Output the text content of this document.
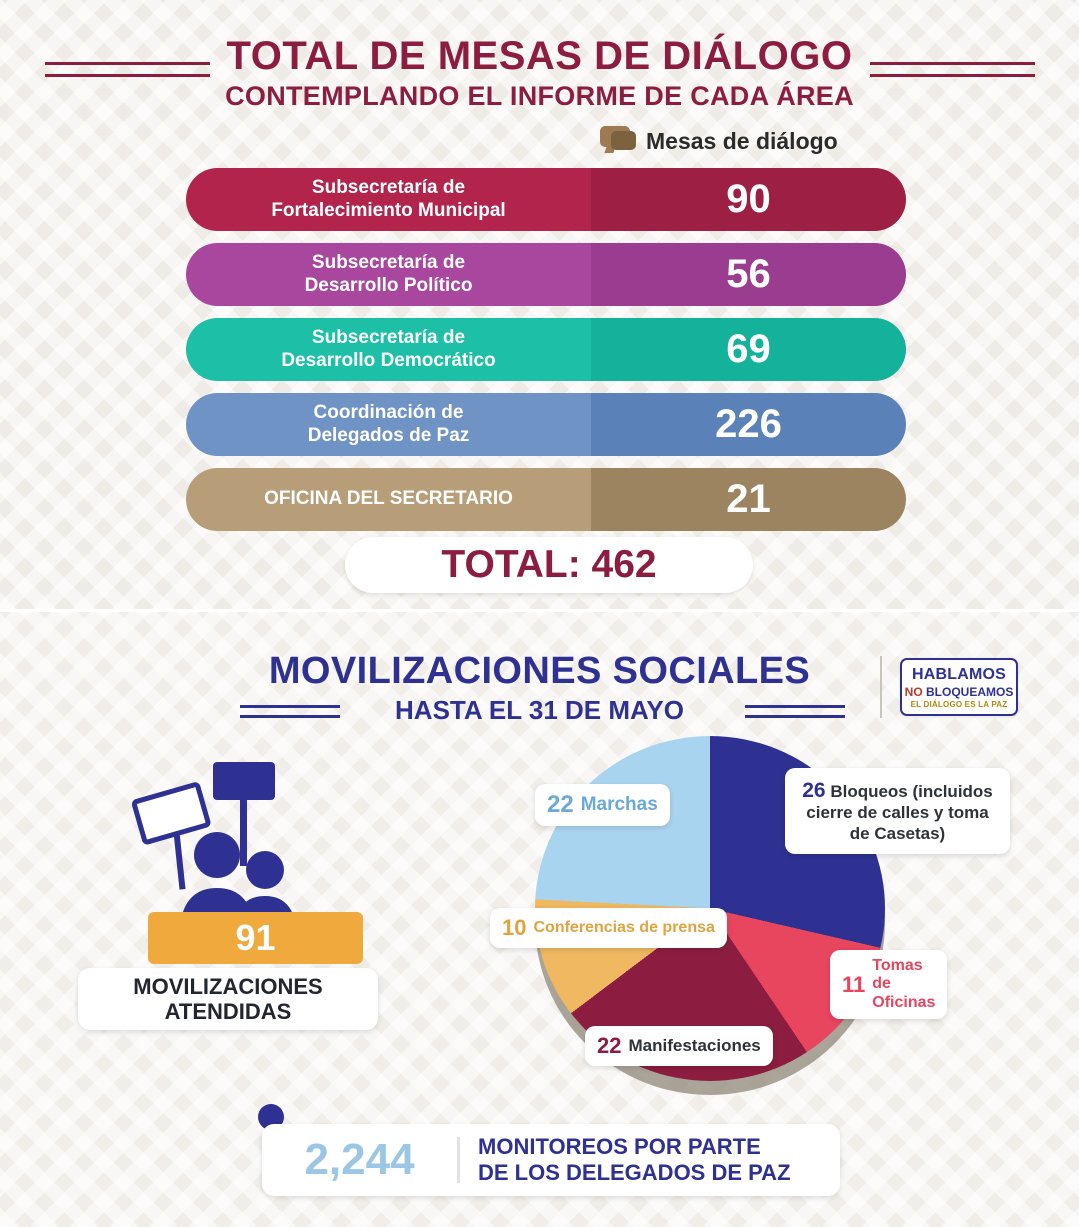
TOTAL DE MESAS DE DIÁLOGO
CONTEMPLANDO EL INFORME DE CADA ÁREA
Mesas de diálogo
Subsecretaría de
Fortalecimiento Municipal	90
Subsecretaría de
Desarrollo Político	56
Subsecretaría de
Desarrollo Democrático	69
Coordinación de
Delegados de Paz	226
OFICINA DEL SECRETARIO	21
TOTAL: 462
MOVILIZACIONES SOCIALES
HASTA EL 31 DE MAYO
HABLAMOS
NO BLOQUEAMOS
EL DIÁLOGO ES LA PAZ
91
MOVILIZACIONES
ATENDIDAS
22 Marchas
26 Bloqueos (incluidos cierre de calles y toma de Casetas)
11
Tomas de Oficinas
22 Manifestaciones
10 Conferencias de prensa
2,244	MONITOREOS POR PARTE
DE LOS DELEGADOS DE PAZ
